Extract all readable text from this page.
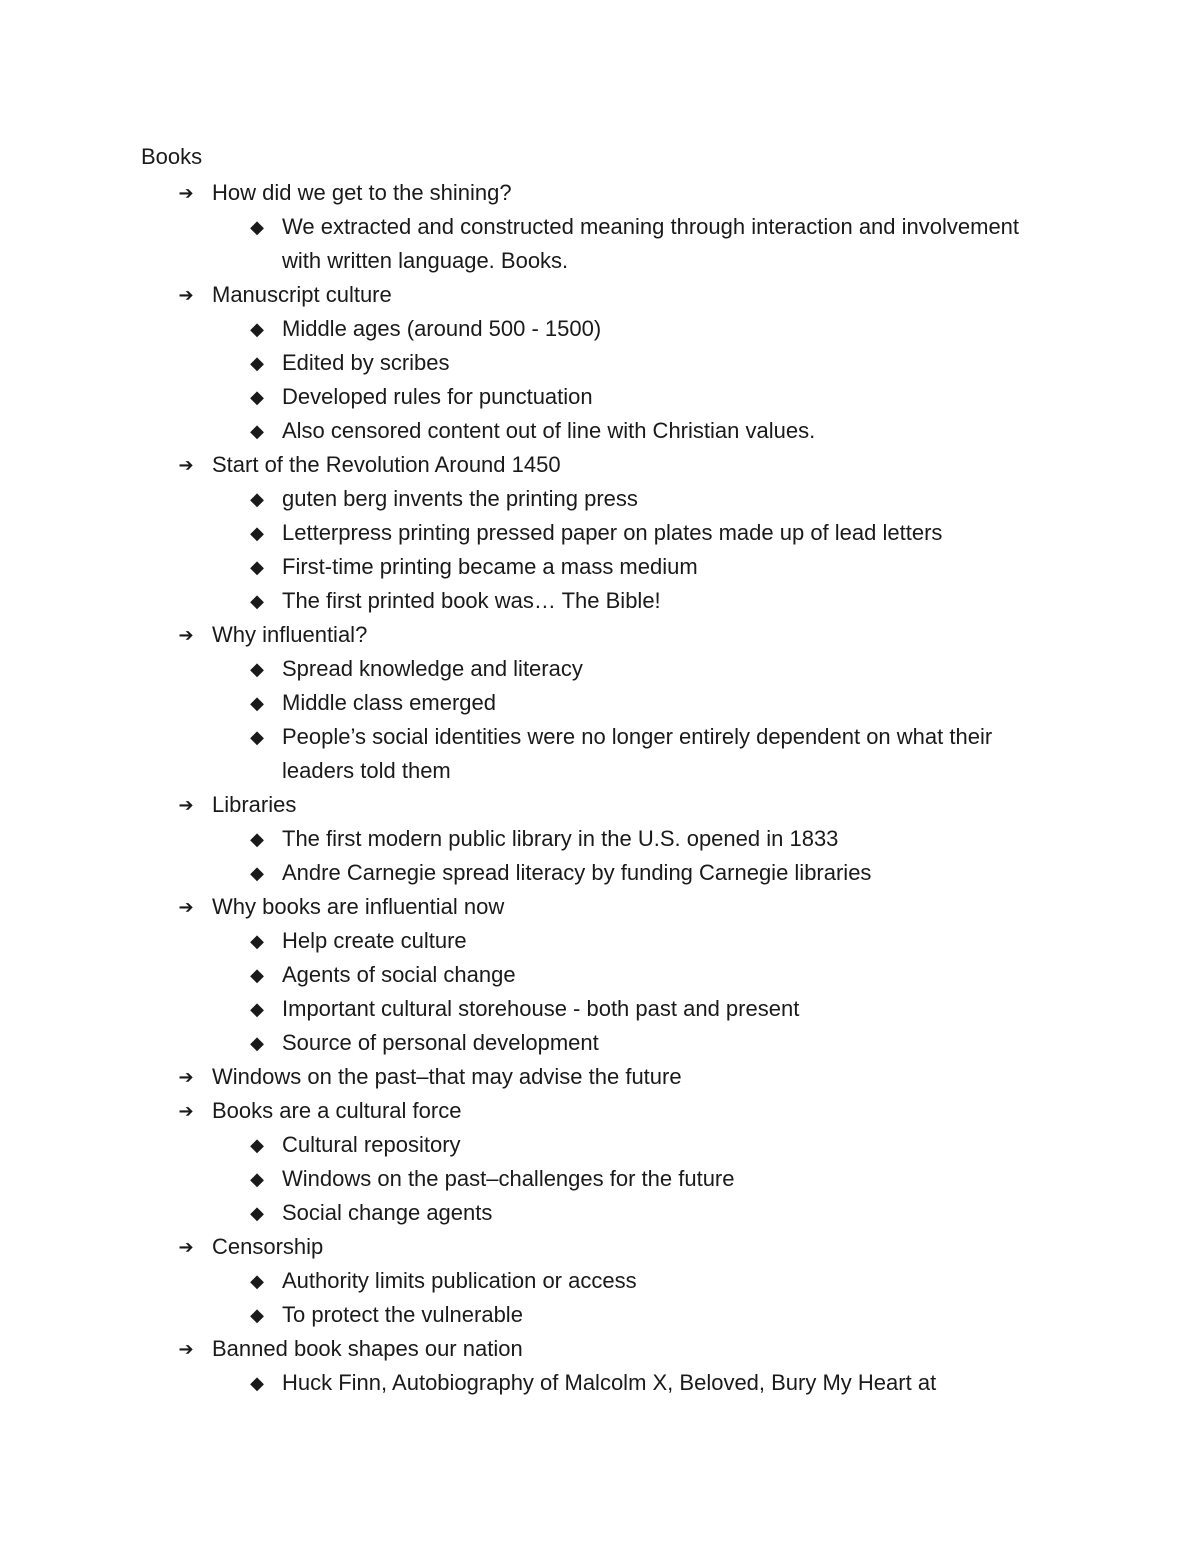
Books
➔ How did we get to the shining?
◆ We extracted and constructed meaning through interaction and involvement with written language. Books.
➔ Manuscript culture
◆ Middle ages (around 500 - 1500)
◆ Edited by scribes
◆ Developed rules for punctuation
◆ Also censored content out of line with Christian values.
➔ Start of the Revolution Around 1450
◆ guten berg invents the printing press
◆ Letterpress printing pressed paper on plates made up of lead letters
◆ First-time printing became a mass medium
◆ The first printed book was… The Bible!
➔ Why influential?
◆ Spread knowledge and literacy
◆ Middle class emerged
◆ People’s social identities were no longer entirely dependent on what their leaders told them
➔ Libraries
◆ The first modern public library in the U.S. opened in 1833
◆ Andre Carnegie spread literacy by funding Carnegie libraries
➔ Why books are influential now
◆ Help create culture
◆ Agents of social change
◆ Important cultural storehouse - both past and present
◆ Source of personal development
➔ Windows on the past–that may advise the future
➔ Books are a cultural force
◆ Cultural repository
◆ Windows on the past–challenges for the future
◆ Social change agents
➔ Censorship
◆ Authority limits publication or access
◆ To protect the vulnerable
➔ Banned book shapes our nation
◆ Huck Finn, Autobiography of Malcolm X, Beloved, Bury My Heart at
